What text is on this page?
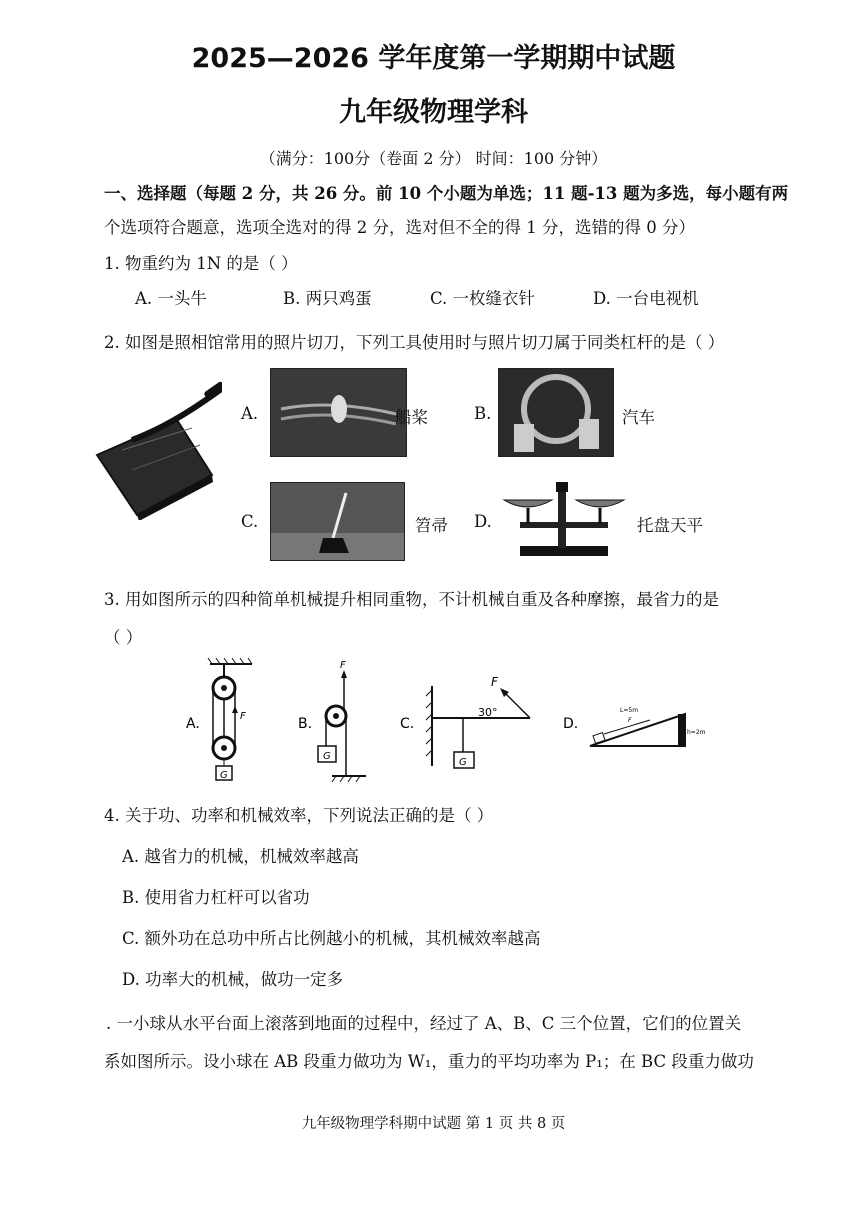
2025—2026 学年度第一学期期中试题
九年级物理学科
（满分：100分（卷面 2 分） 时间：100 分钟）
一、选择题（每题 2 分，共 26 分。前 10 个小题为单选；11 题-13 题为多选，每小题有两
个选项符合题意，选项全选对的得 2 分，选对但不全的得 1 分，选错的得 0 分）
1. 物重约为 1N 的是（ ）
A. 一头牛	B. 两只鸡蛋	C. 一枚缝衣针	D. 一台电视机
2. 如图是照相馆常用的照片切刀，下列工具使用时与照片切刀属于同类杠杆的是（ ）
A.	船桨	B.	汽车
C.	笤帚 D.	托盘天平
3. 用如图所示的四种简单机械提升相同重物，不计机械自重及各种摩擦，最省力的是
（ ）
A.	F
G
B.
F
G
C.
G
F
30°
D.	F
L=5m
h=2m
4. 关于功、功率和机械效率，下列说法正确的是（ ）
A. 越省力的机械，机械效率越高
B. 使用省力杠杆可以省功
C. 额外功在总功中所占比例越小的机械，其机械效率越高
D. 功率大的机械，做功一定多
. 一小球从水平台面上滚落到地面的过程中，经过了 A、B、C 三个位置，它们的位置关
系如图所示。设小球在 AB 段重力做功为 W₁，重力的平均功率为 P₁；在 BC 段重力做功
九年级物理学科期中试题 第 1 页 共 8 页
